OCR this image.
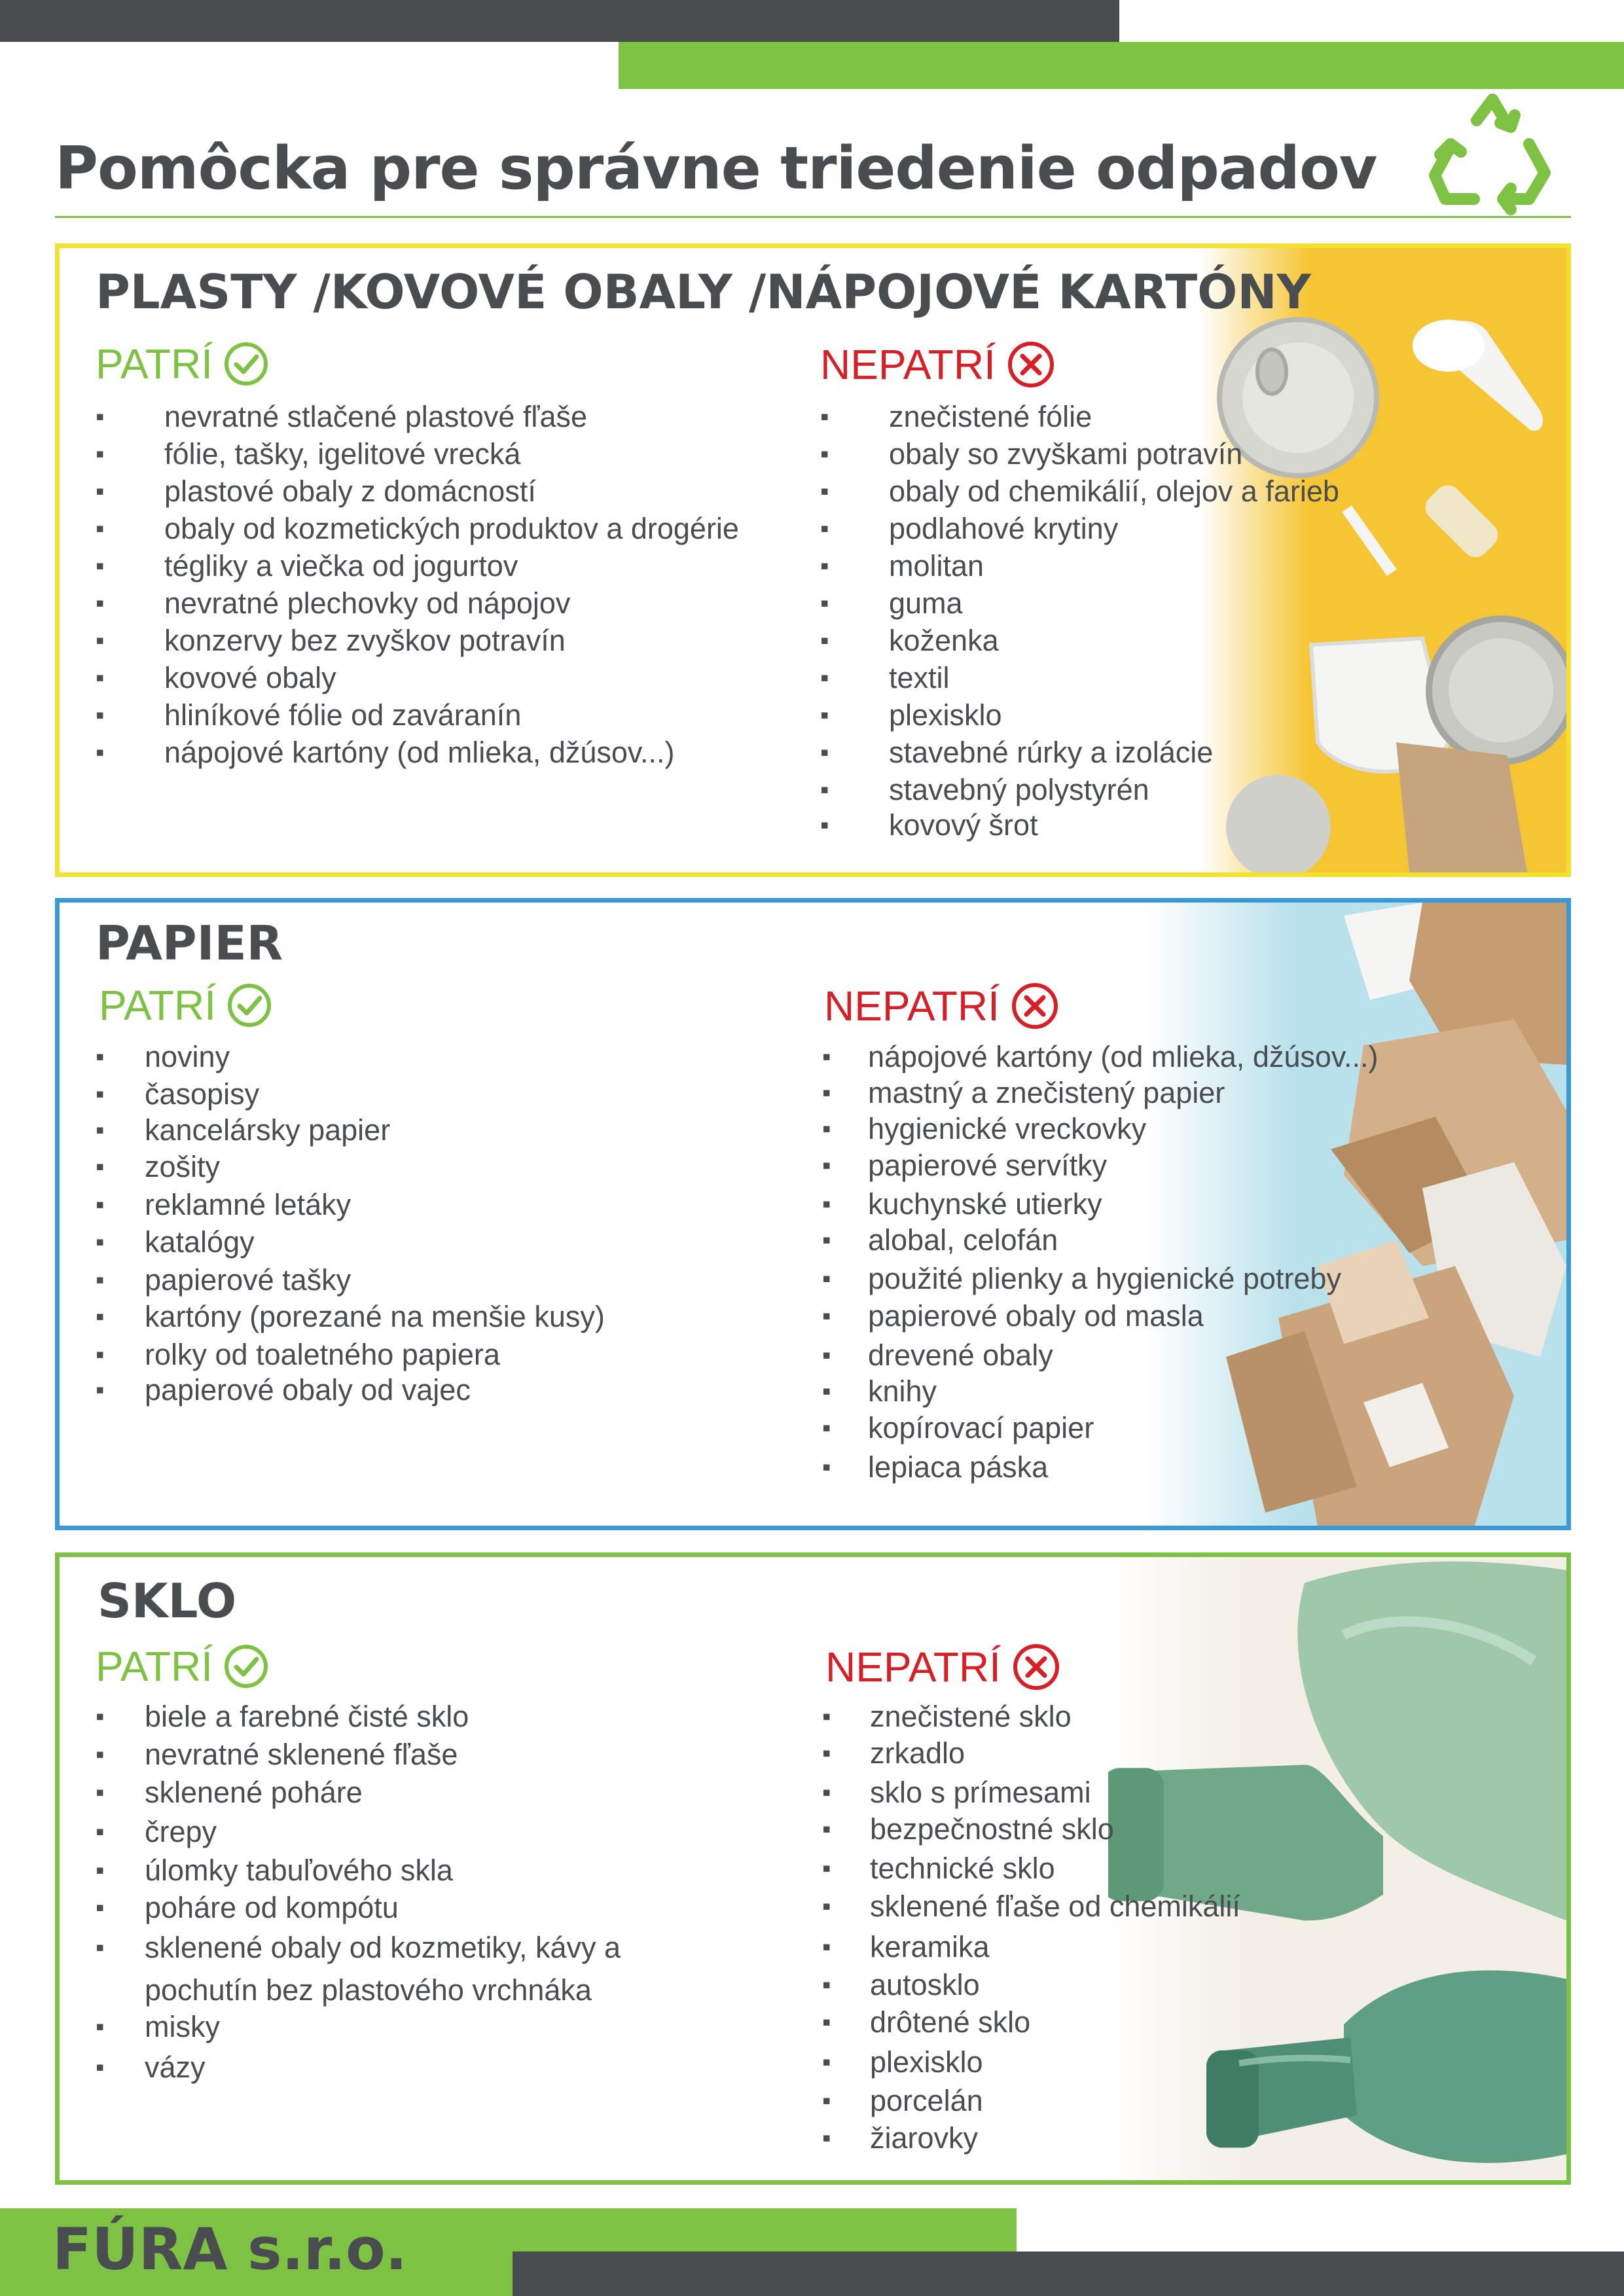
Pomôcka pre správne triedenie odpadov
PLASTY /KOVOVÉ OBALY /NÁPOJOVÉ KARTÓNY
PATRÍ
▪ nevratné stlačené plastové fľaše
▪ fólie, tašky, igelitové vrecká
▪ plastové obaly z domácností
▪ obaly od kozmetických produktov a drogérie
▪ tégliky a viečka od jogurtov
▪ nevratné plechovky od nápojov
▪ konzervy bez zvyškov potravín
▪ kovové obaly
▪ hliníkové fólie od zaváranín
▪ nápojové kartóny (od mlieka, džúsov...)
NEPATRÍ
▪ znečistené fólie
▪ obaly so zvyškami potravín
▪ obaly od chemikálií, olejov a farieb
▪ podlahové krytiny
▪ molitan
▪ guma
▪ koženka
▪ textil
▪ plexisklo
▪ stavebné rúrky a izolácie
▪ stavebný polystyrén
▪ kovový šrot
PAPIER
PATRÍ
▪ noviny
▪ časopisy
▪ kancelársky papier
▪ zošity
▪ reklamné letáky
▪ katalógy
▪ papierové tašky
▪ kartóny (porezané na menšie kusy)
▪ rolky od toaletného papiera
▪ papierové obaly od vajec
NEPATRÍ
▪ nápojové kartóny (od mlieka, džúsov...)
▪ mastný a znečistený papier
▪ hygienické vreckovky
▪ papierové servítky
▪ kuchynské utierky
▪ alobal, celofán
▪ použité plienky a hygienické potreby
▪ papierové obaly od masla
▪ drevené obaly
▪ knihy
▪ kopírovací papier
▪ lepiaca páska
SKLO
PATRÍ
▪ biele a farebné čisté sklo
▪ nevratné sklenené fľaše
▪ sklenené poháre
▪ črepy
▪ úlomky tabuľového skla
▪ poháre od kompótu
▪ sklenené obaly od kozmetiky, kávy a
pochutín bez plastového vrchnáka
▪ misky
▪ vázy
NEPATRÍ
▪ znečistené sklo
▪ zrkadlo
▪ sklo s prímesami
▪ bezpečnostné sklo
▪ technické sklo
▪ sklenené fľaše od chemikálií
▪ keramika
▪ autosklo
▪ drôtené sklo
▪ plexisklo
▪ porcelán
▪ žiarovky
FÚRA s.r.o.
